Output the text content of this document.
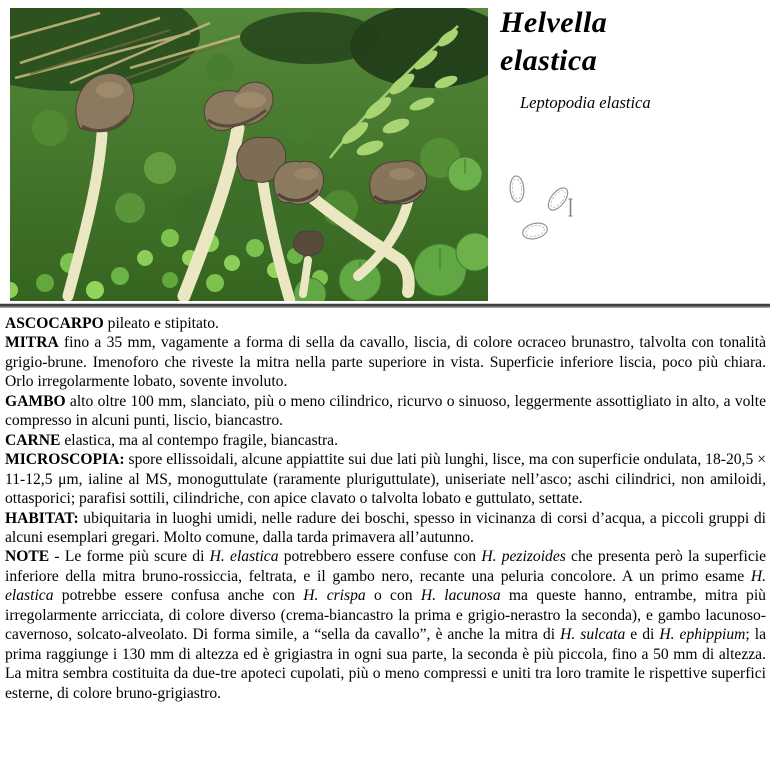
Helvella elastica
Leptopodia elastica
ASCOCARPO pileato e stipitato.
MITRA fino a 35 mm, vagamente a forma di sella da cavallo, liscia, di colore ocraceo brunastro, talvolta con tonalità grigio-brune. Imenoforo che riveste la mitra nella parte superiore in vista. Superficie inferiore liscia, poco più chiara. Orlo irregolarmente lobato, sovente involuto.
GAMBO alto oltre 100 mm, slanciato, più o meno cilindrico, ricurvo o sinuoso, leggermente assottigliato in alto, a volte compresso in alcuni punti, liscio, biancastro.
CARNE elastica, ma al contempo fragile, biancastra.
MICROSCOPIA: spore ellissoidali, alcune appiattite sui due lati più lunghi, lisce, ma con superficie ondulata, 18-20,5 × 11-12,5 μm, ialine al MS, monoguttulate (raramente pluriguttulate), uniseriate nell’asco; aschi cilindrici, non amiloidi, ottasporici; parafisi sottili, cilindriche, con apice clavato o talvolta lobato e guttulato, settate.
HABITAT: ubiquitaria in luoghi umidi, nelle radure dei boschi, spesso in vicinanza di corsi d’acqua, a piccoli gruppi di alcuni esemplari gregari. Molto comune, dalla tarda primavera all’autunno.
NOTE - Le forme più scure di H. elastica potrebbero essere confuse con H. pezizoides che presenta però la superficie inferiore della mitra bruno-rossiccia, feltrata, e il gambo nero, recante una peluria concolore. A un primo esame H. elastica potrebbe essere confusa anche con H. crispa o con H. lacunosa ma queste hanno, entrambe, mitra più irregolarmente arricciata, di colore diverso (crema-biancastro la prima e grigio-nerastro la seconda), e gambo lacunoso-cavernoso, solcato-alveolato. Di forma simile, a “sella da cavallo”, è anche la mitra di H. sulcata e di H. ephippium; la prima raggiunge i 130 mm di altezza ed è grigiastra in ogni sua parte, la seconda è più piccola, fino a 50 mm di altezza. La mitra sembra costituita da due-tre apoteci cupolati, più o meno compressi e uniti tra loro tramite le rispettive superfici esterne, di colore bruno-grigiastro.
